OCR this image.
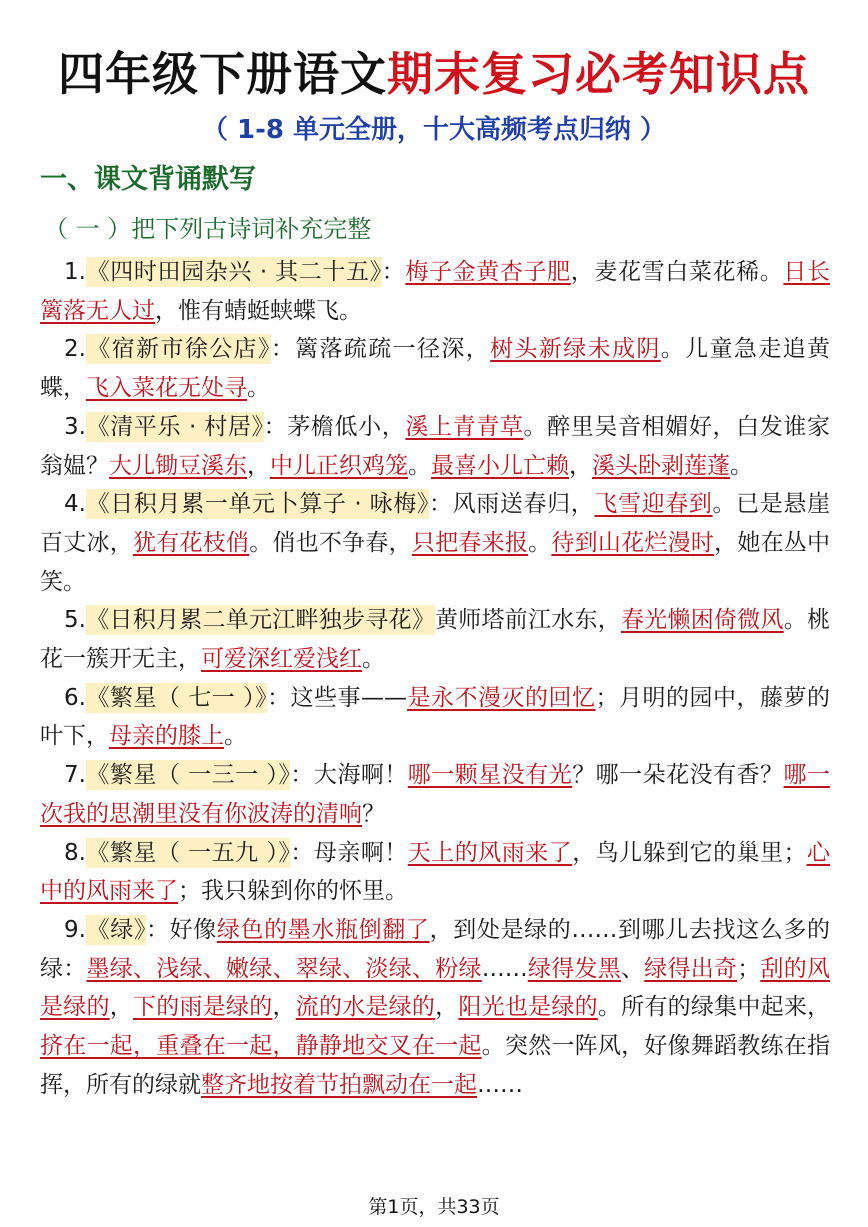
四年级下册语文期末复习必考知识点
（ 1-8 单元全册，十大高频考点归纳 ）
一、课文背诵默写
（ 一 ）把下列古诗词补充完整

1.《四时田园杂兴 · 其二十五》：梅子金黄杏子肥，麦花雪白菜花稀。日长篱落无人过，惟有蜻蜓蛱蝶飞。

2.《宿新市徐公店》：篱落疏疏一径深，树头新绿未成阴。儿童急走追黄蝶，飞入菜花无处寻。

3.《清平乐 · 村居》：茅檐低小，溪上青青草。醉里吴音相媚好，白发谁家翁媪？大儿锄豆溪东，中儿正织鸡笼。最喜小儿亡赖，溪头卧剥莲蓬。

4.《日积月累一单元卜算子 · 咏梅》：风雨送春归，飞雪迎春到。已是悬崖百丈冰，犹有花枝俏。俏也不争春，只把春来报。待到山花烂漫时，她在丛中笑。

5.《日积月累二单元江畔独步寻花》黄师塔前江水东，春光懒困倚微风。桃花一簇开无主，可爱深红爱浅红。

6.《繁星（ 七一 ）》：这些事——是永不漫灭的回忆；月明的园中，藤萝的叶下，母亲的膝上。

7.《繁星（ 一三一 ）》：大海啊！哪一颗星没有光？哪一朵花没有香？哪一次我的思潮里没有你波涛的清响？

8.《繁星（ 一五九 ）》：母亲啊！天上的风雨来了，鸟儿躲到它的巢里；心中的风雨来了；我只躲到你的怀里。

9.《绿》：好像绿色的墨水瓶倒翻了，到处是绿的……到哪儿去找这么多的绿：墨绿、浅绿、嫩绿、翠绿、淡绿、粉绿……绿得发黑、绿得出奇；刮的风是绿的，下的雨是绿的，流的水是绿的，阳光也是绿的。所有的绿集中起来，挤在一起，重叠在一起，静静地交叉在一起。突然一阵风，好像舞蹈教练在指挥，所有的绿就整齐地按着节拍飘动在一起……

第1页，共33页
